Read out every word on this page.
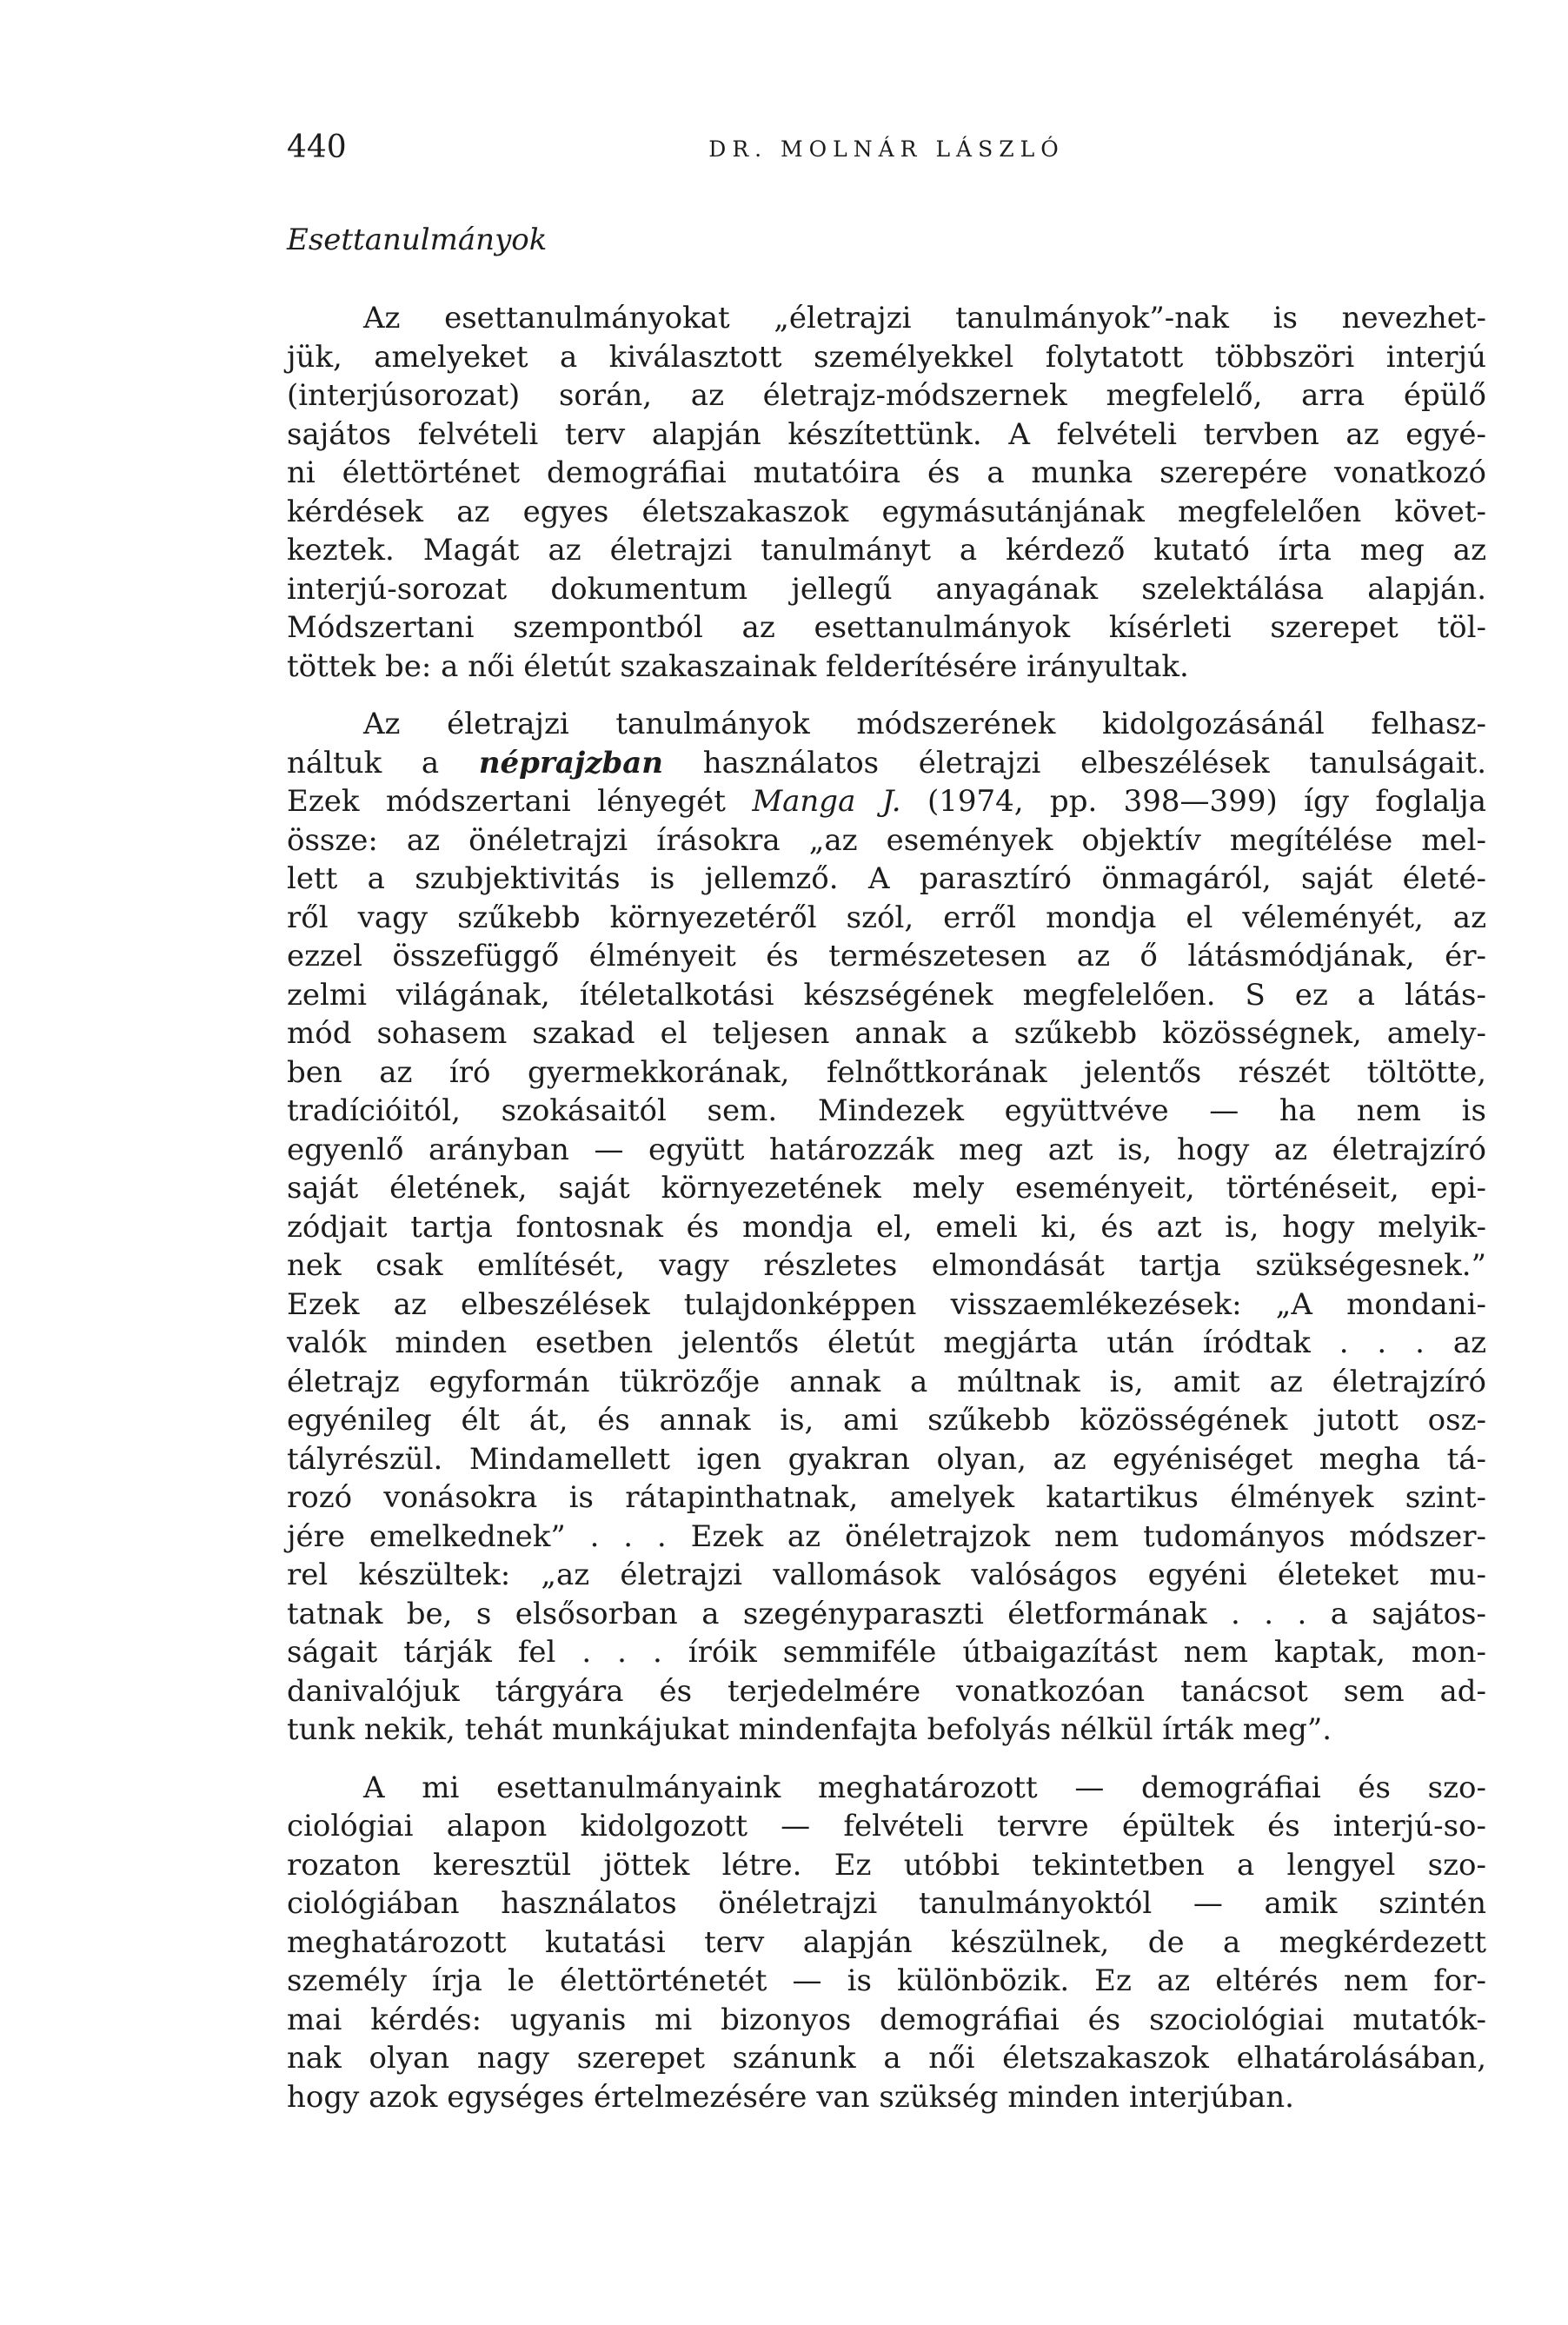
440	DR. MOLNÁR LÁSZLÓ
Esettanulmányok

Az esettanulmányokat „életrajzi tanulmányok”-nak is nevezhet-
jük, amelyeket a kiválasztott személyekkel folytatott többszöri interjú
(interjúsorozat) során, az életrajz-módszernek megfelelő, arra épülő
sajátos felvételi terv alapján készítettünk. A felvételi tervben az egyé-
ni élettörténet demográfiai mutatóira és a munka szerepére vonatkozó
kérdések az egyes életszakaszok egymásutánjának megfelelően követ-
keztek. Magát az életrajzi tanulmányt a kérdező kutató írta meg az
interjú-sorozat dokumentum jellegű anyagának szelektálása alapján.
Módszertani szempontból az esettanulmányok kísérleti szerepet töl-
töttek be: a női életút szakaszainak felderítésére irányultak.

Az életrajzi tanulmányok módszerének kidolgozásánál felhasz-
náltuk a néprajzban használatos életrajzi elbeszélések tanulságait.
Ezek módszertani lényegét Manga J. (1974, pp. 398—399) így foglalja
össze: az önéletrajzi írásokra „az események objektív megítélése mel-
lett a szubjektivitás is jellemző. A parasztíró önmagáról, saját életé-
ről vagy szűkebb környezetéről szól, erről mondja el véleményét, az
ezzel összefüggő élményeit és természetesen az ő látásmódjának, ér-
zelmi világának, ítéletalkotási készségének megfelelően. S ez a látás-
mód sohasem szakad el teljesen annak a szűkebb közösségnek, amely-
ben az író gyermekkorának, felnőttkorának jelentős részét töltötte,
tradícióitól, szokásaitól sem. Mindezek együttvéve — ha nem is
egyenlő arányban — együtt határozzák meg azt is, hogy az életrajzíró
saját életének, saját környezetének mely eseményeit, történéseit, epi-
zódjait tartja fontosnak és mondja el, emeli ki, és azt is, hogy melyik-
nek csak említését, vagy részletes elmondását tartja szükségesnek.”
Ezek az elbeszélések tulajdonképpen visszaemlékezések: „A mondani-
valók minden esetben jelentős életút megjárta után íródtak . . . az
életrajz egyformán tükrözője annak a múltnak is, amit az életrajzíró
egyénileg élt át, és annak is, ami szűkebb közösségének jutott osz-
tályrészül. Mindamellett igen gyakran olyan, az egyéniséget megha tá-
rozó vonásokra is rátapinthatnak, amelyek katartikus élmények szint-
jére emelkednek” . . . Ezek az önéletrajzok nem tudományos módszer-
rel készültek: „az életrajzi vallomások valóságos egyéni életeket mu-
tatnak be, s elsősorban a szegényparaszti életformának . . . a sajátos-
ságait tárják fel . . . íróik semmiféle útbaigazítást nem kaptak, mon-
danivalójuk tárgyára és terjedelmére vonatkozóan tanácsot sem ad-
tunk nekik, tehát munkájukat mindenfajta befolyás nélkül írták meg”.

A mi esettanulmányaink meghatározott — demográfiai és szo-
ciológiai alapon kidolgozott — felvételi tervre épültek és interjú-so-
rozaton keresztül jöttek létre. Ez utóbbi tekintetben a lengyel szo-
ciológiában használatos önéletrajzi tanulmányoktól — amik szintén
meghatározott kutatási terv alapján készülnek, de a megkérdezett
személy írja le élettörténetét — is különbözik. Ez az eltérés nem for-
mai kérdés: ugyanis mi bizonyos demográfiai és szociológiai mutatók-
nak olyan nagy szerepet szánunk a női életszakaszok elhatárolásában,
hogy azok egységes értelmezésére van szükség minden interjúban.
